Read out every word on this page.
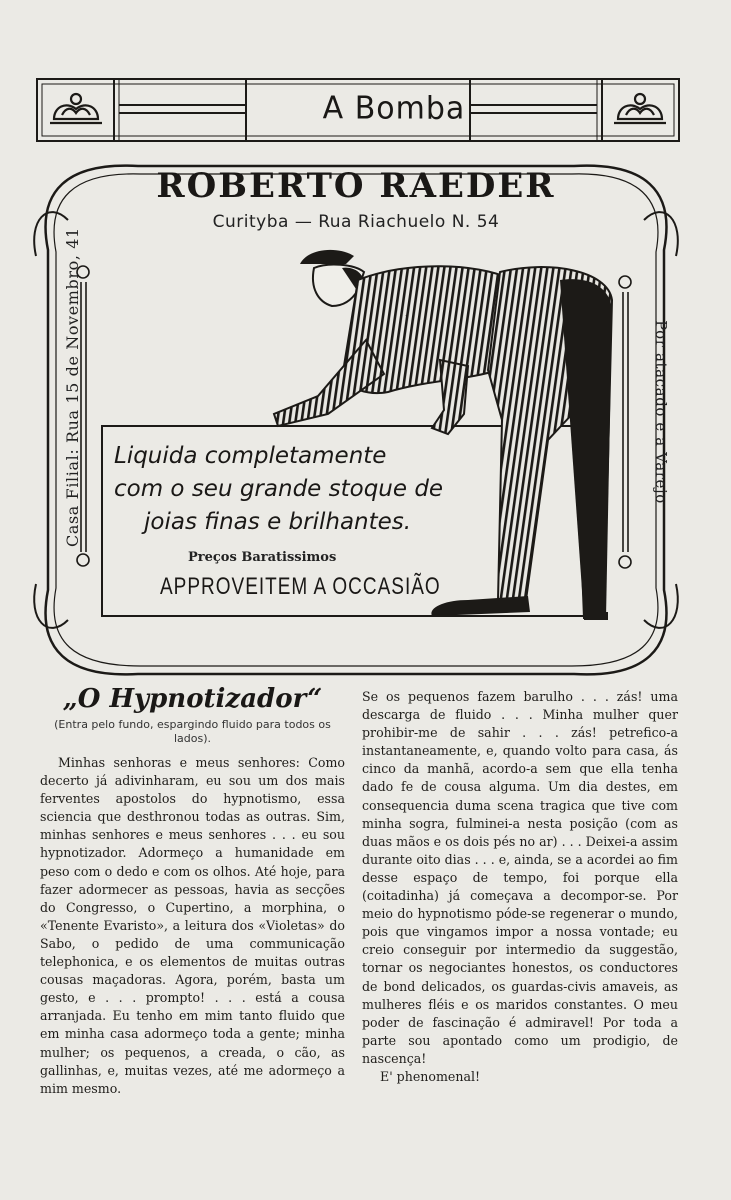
A Bomba
ROBERTO RAEDER
Curityba — Rua Riachuelo N. 54
Casa Filial: Rua 15 de Novembro, 41	Por atacado e a Varejo
Liquida completamente
com o seu grande stoque de
joias finas e brilhantes.
Preços Baratissimos
APPROVEITEM A OCCASIÃO
„O Hypnotizador“

(Entra pelo fundo, espargindo fluido para todos os lados).

Minhas senhoras e meus senhores: Como decerto já adivinharam, eu sou um dos mais ferventes apostolos do hypnotismo, essa sciencia que desthronou todas as outras. Sim, minhas senhores e meus senhores . . . eu sou hypnotizador. Adormeço a humanidade em peso com o dedo e com os olhos. Até hoje, para fazer adormecer as pessoas, havia as secções do Congresso, o Cupertino, a morphina, o «Tenente Evaristo», a leitura dos «Violetas» do Sabo, o pedido de uma communicação telephonica, e os elementos de muitas outras cousas maçadoras. Agora, porém, basta um gesto, e . . . prompto! . . . está a cousa arranjada. Eu tenho em mim tanto fluido que em minha casa adormeço toda a gente; minha mulher; os pequenos, a creada, o cão, as gallinhas, e, muitas vezes, até me adormeço a mim mesmo.

Se os pequenos fazem barulho . . . zás! uma descarga de fluido . . . Minha mulher quer prohibir-me de sahir . . . zás! petrefico-a instantaneamente, e, quando volto para casa, ás cinco da manhã, acordo-a sem que ella tenha dado fe de cousa alguma. Um dia destes, em consequencia duma scena tragica que tive com minha sogra, fulminei-a nesta posição (com as duas mãos e os dois pés no ar) . . . Deixei-a assim durante oito dias . . . e, ainda, se a acordei ao fim desse espaço de tempo, foi porque ella (coitadinha) já começava a decompor-se. Por meio do hypnotismo póde-se regenerar o mundo, pois que vingamos impor a nossa vontade; eu creio conseguir por intermedio da suggestão, tornar os negociantes honestos, os conductores de bond delicados, os guardas-civis amaveis, as mulheres fléis e os maridos constantes. O meu poder de fascinação é admiravel! Por toda a parte sou apontado como um prodigio, de nascença!

E' phenomenal!
